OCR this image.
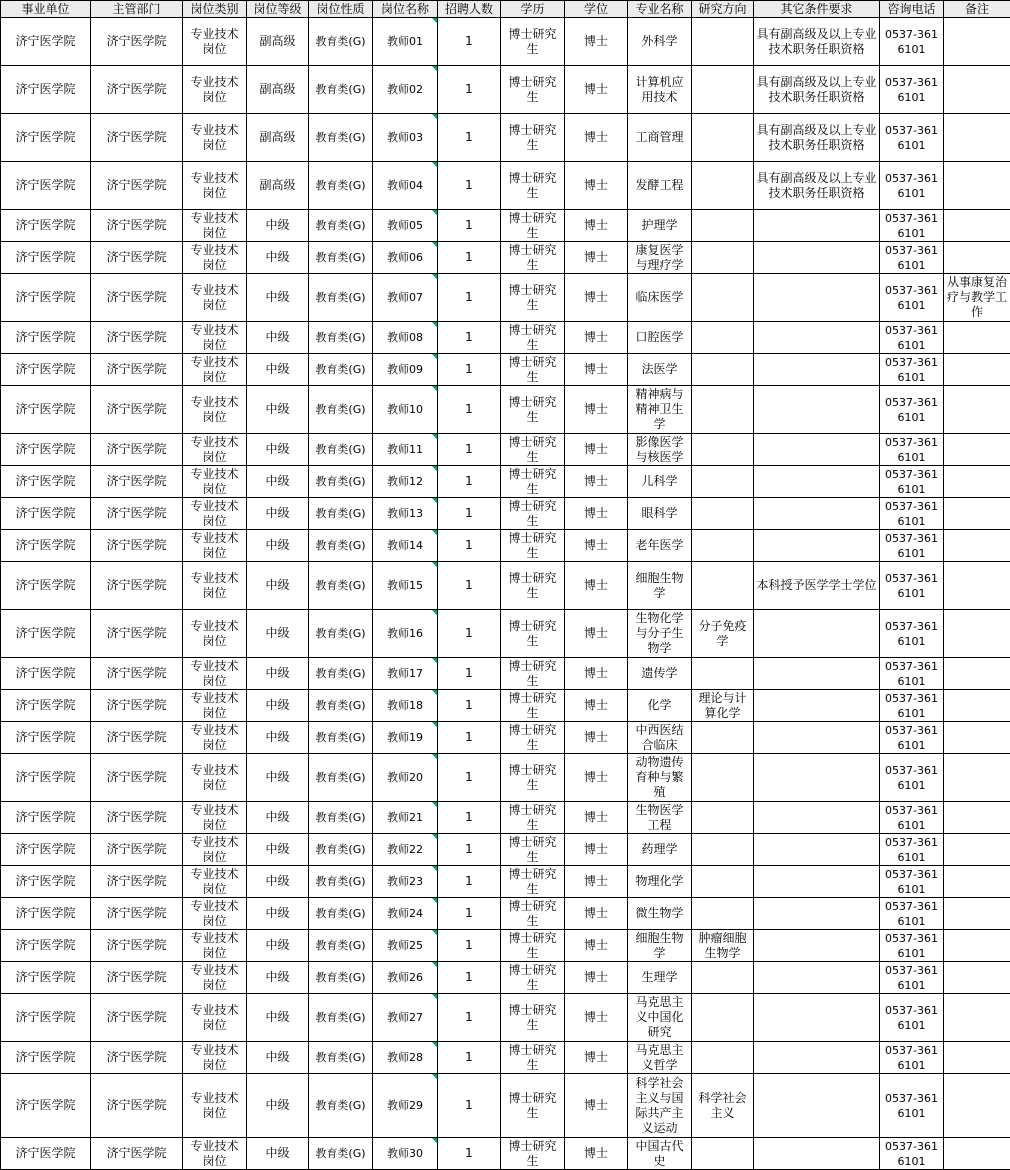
事业单位	主管部门	岗位类别	岗位等级	岗位性质	岗位名称	招聘人数	学历	学位	专业名称	研究方向	其它条件要求	咨询电话	备注
济宁医学院	济宁医学院	专业技术岗位	副高级	教育类(G)	教师01	1	博士研究生	博士	外科学		具有副高级及以上专业技术职务任职资格	0537-3616101	
济宁医学院	济宁医学院	专业技术岗位	副高级	教育类(G)	教师02	1	博士研究生	博士	计算机应用技术		具有副高级及以上专业技术职务任职资格	0537-3616101	
济宁医学院	济宁医学院	专业技术岗位	副高级	教育类(G)	教师03	1	博士研究生	博士	工商管理		具有副高级及以上专业技术职务任职资格	0537-3616101	
济宁医学院	济宁医学院	专业技术岗位	副高级	教育类(G)	教师04	1	博士研究生	博士	发酵工程		具有副高级及以上专业技术职务任职资格	0537-3616101	
济宁医学院	济宁医学院	专业技术岗位	中级	教育类(G)	教师05	1	博士研究生	博士	护理学			0537-3616101	
济宁医学院	济宁医学院	专业技术岗位	中级	教育类(G)	教师06	1	博士研究生	博士	康复医学与理疗学			0537-3616101	
济宁医学院	济宁医学院	专业技术岗位	中级	教育类(G)	教师07	1	博士研究生	博士	临床医学			0537-3616101	从事康复治疗与教学工作
济宁医学院	济宁医学院	专业技术岗位	中级	教育类(G)	教师08	1	博士研究生	博士	口腔医学			0537-3616101	
济宁医学院	济宁医学院	专业技术岗位	中级	教育类(G)	教师09	1	博士研究生	博士	法医学			0537-3616101	
济宁医学院	济宁医学院	专业技术岗位	中级	教育类(G)	教师10	1	博士研究生	博士	精神病与精神卫生学			0537-3616101	
济宁医学院	济宁医学院	专业技术岗位	中级	教育类(G)	教师11	1	博士研究生	博士	影像医学与核医学			0537-3616101	
济宁医学院	济宁医学院	专业技术岗位	中级	教育类(G)	教师12	1	博士研究生	博士	儿科学			0537-3616101	
济宁医学院	济宁医学院	专业技术岗位	中级	教育类(G)	教师13	1	博士研究生	博士	眼科学			0537-3616101	
济宁医学院	济宁医学院	专业技术岗位	中级	教育类(G)	教师14	1	博士研究生	博士	老年医学			0537-3616101	
济宁医学院	济宁医学院	专业技术岗位	中级	教育类(G)	教师15	1	博士研究生	博士	细胞生物学		本科授予医学学士学位	0537-3616101	
济宁医学院	济宁医学院	专业技术岗位	中级	教育类(G)	教师16	1	博士研究生	博士	生物化学与分子生物学	分子免疫学		0537-3616101	
济宁医学院	济宁医学院	专业技术岗位	中级	教育类(G)	教师17	1	博士研究生	博士	遗传学			0537-3616101	
济宁医学院	济宁医学院	专业技术岗位	中级	教育类(G)	教师18	1	博士研究生	博士	化学	理论与计算化学		0537-3616101	
济宁医学院	济宁医学院	专业技术岗位	中级	教育类(G)	教师19	1	博士研究生	博士	中西医结合临床			0537-3616101	
济宁医学院	济宁医学院	专业技术岗位	中级	教育类(G)	教师20	1	博士研究生	博士	动物遗传育种与繁殖			0537-3616101	
济宁医学院	济宁医学院	专业技术岗位	中级	教育类(G)	教师21	1	博士研究生	博士	生物医学工程			0537-3616101	
济宁医学院	济宁医学院	专业技术岗位	中级	教育类(G)	教师22	1	博士研究生	博士	药理学			0537-3616101	
济宁医学院	济宁医学院	专业技术岗位	中级	教育类(G)	教师23	1	博士研究生	博士	物理化学			0537-3616101	
济宁医学院	济宁医学院	专业技术岗位	中级	教育类(G)	教师24	1	博士研究生	博士	微生物学			0537-3616101	
济宁医学院	济宁医学院	专业技术岗位	中级	教育类(G)	教师25	1	博士研究生	博士	细胞生物学	肿瘤细胞生物学		0537-3616101	
济宁医学院	济宁医学院	专业技术岗位	中级	教育类(G)	教师26	1	博士研究生	博士	生理学			0537-3616101	
济宁医学院	济宁医学院	专业技术岗位	中级	教育类(G)	教师27	1	博士研究生	博士	马克思主义中国化研究			0537-3616101	
济宁医学院	济宁医学院	专业技术岗位	中级	教育类(G)	教师28	1	博士研究生	博士	马克思主义哲学			0537-3616101	
济宁医学院	济宁医学院	专业技术岗位	中级	教育类(G)	教师29	1	博士研究生	博士	科学社会主义与国际共产主义运动	科学社会主义		0537-3616101	
济宁医学院	济宁医学院	专业技术岗位	中级	教育类(G)	教师30	1	博士研究生	博士	中国古代史			0537-3616101	
